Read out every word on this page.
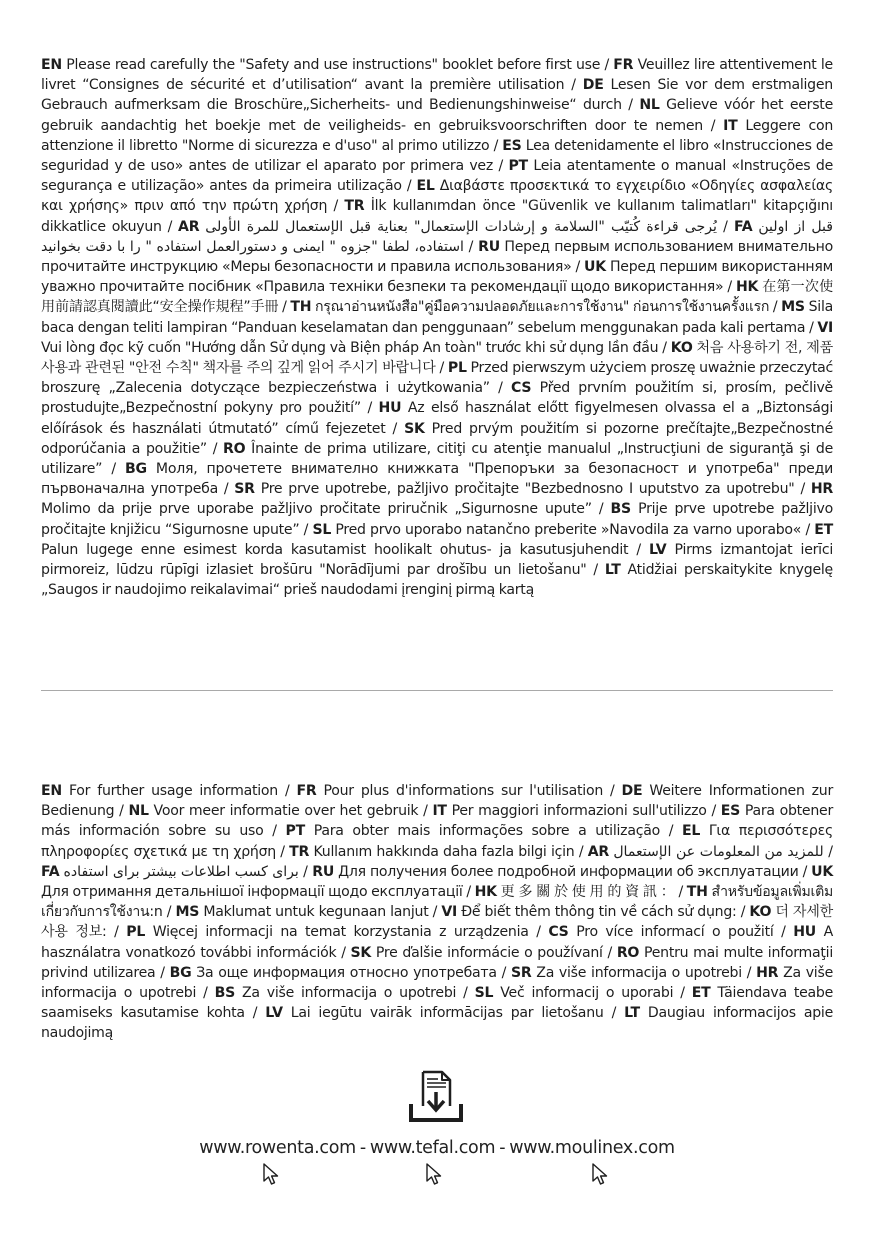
EN Please read carefully the "Safety and use instructions" booklet before first use / FR Veuillez lire attentivement le livret “Consignes de sécurité et d’utilisation“ avant la première utilisation / DE Lesen Sie vor dem erstmaligen Gebrauch aufmerksam die Broschüre„Sicherheits- und Bedienungshinweise“ durch / NL Gelieve vóór het eerste gebruik aandachtig het boekje met de veiligheids- en gebruiksvoorschriften door te nemen / IT Leggere con attenzione il libretto "Norme di sicurezza e d'uso" al primo utilizzo / ES Lea detenidamente el libro «Instrucciones de seguridad y de uso» antes de utilizar el aparato por primera vez / PT Leia atentamente o manual «Instruções de segurança e utilização» antes da primeira utilização / EL Διαβάστε προσεκτικά το εγχειρίδιο «Οδηγίες ασφαλείας και χρήσης» πριν από την πρώτη χρήση / TR İlk kullanımdan önce "Güvenlik ve kullanım talimatları" kitapçığını dikkatlice okuyun / AR يُرجى قراءة كُتيّب "السلامة و إرشادات الإستعمال" بعناية قبل الإستعمال للمرة الأولى / FA قبل از اولین استفاده، لطفا "جزوه " ایمنی و دستورالعمل استفاده " را با دقت بخوانید / RU Перед первым использованием внимательно прочитайте инструкцию «Меры безопасности и правила использования» / UK Перед першим використанням уважно прочитайте посібник «Правила техніки безпеки та рекомендації щодо використання» / HK 在第一次使用前請認真閱讀此“安全操作規程”手冊 / TH กรุณาอ่านหนังสือ"คู่มือความปลอดภัยและการใช้งาน" ก่อนการใช้งานครั้งแรก / MS Sila baca dengan teliti lampiran “Panduan keselamatan dan penggunaan” sebelum menggunakan pada kali pertama / VI Vui lòng đọc kỹ cuốn "Hướng dẫn Sử dụng và Biện pháp An toàn" trước khi sử dụng lần đầu / KO 처음 사용하기 전, 제품 사용과 관련된 "안전 수칙" 책자를 주의 깊게 읽어 주시기 바랍니다 / PL Przed pierwszym użyciem proszę uważnie przeczytać broszurę „Zalecenia dotyczące bezpieczeństwa i użytkowania” / CS Před prvním použitím si, prosím, pečlivě prostudujte„Bezpečnostní pokyny pro použití” / HU Az első használat előtt figyelmesen olvassa el a „Biztonsági előírások és használati útmutató” című fejezetet / SK Pred prvým použitím si pozorne prečítajte„Bezpečnostné odporúčania a použitie” / RO Înainte de prima utilizare, citiţi cu atenţie manualul „Instrucţiuni de siguranţă şi de utilizare” / BG Моля, прочетете внимателно книжката "Препоръки за безопасност и употреба" преди първоначална употреба / SR Pre prve upotrebe, pažljivo pročitajte "Bezbednosno I uputstvo za upotrebu" / HR Molimo da prije prve uporabe pažljivo pročitate priručnik „Sigurnosne upute” / BS Prije prve upotrebe pažljivo pročitajte knjižicu “Sigurnosne upute” / SL Pred prvo uporabo natančno preberite »Navodila za varno uporabo« / ET Palun lugege enne esimest korda kasutamist hoolikalt ohutus- ja kasutusjuhendit / LV Pirms izmantojat ierīci pirmoreiz, lūdzu rūpīgi izlasiet brošūru "Norādījumi par drošību un lietošanu" / LT Atidžiai perskaitykite knygelę „Saugos ir naudojimo reikalavimai“ prieš naudodami įrenginį pirmą kartą
EN For further usage information / FR Pour plus d'informations sur l'utilisation / DE Weitere Informationen zur Bedienung / NL Voor meer informatie over het gebruik / IT Per maggiori informazioni sull'utilizzo / ES Para obtener más información sobre su uso / PT Para obter mais informações sobre a utilização / EL Για περισσότερες πληροφορίες σχετικά με τη χρήση / TR Kullanım hakkında daha fazla bilgi için / AR للمزيد من المعلومات عن الإستعمال / FA برای کسب اطلاعات بیشتر برای استفاده / RU Для получения более подробной информации об эксплуатации / UK Для отримання детальнішої інформації щодо експлуатації / HK 更 多 關 於 使 用 的 資 訊 ： / TH สำหรับข้อมูลเพิ่มเติมเกี่ยวกับการใช้งาน:n / MS Maklumat untuk kegunaan lanjut / VI Để biết thêm thông tin về cách sử dụng: / KO 더 자세한 사용 정보: / PL Więcej informacji na temat korzystania z urządzenia / CS Pro více informací o použití / HU A használatra vonatkozó további információk / SK Pre ďalšie informácie o používaní / RO Pentru mai multe informaţii privind utilizarea / BG За още информация относно употребата / SR Za više informacija o upotrebi / HR Za više informacija o upotrebi / BS Za više informacija o upotrebi / SL Več informacij o uporabi / ET Täiendava teabe saamiseks kasutamise kohta / LV Lai iegūtu vairāk informācijas par lietošanu / LT Daugiau informacijos apie naudojimą
www.rowenta.com - www.tefal.com - www.moulinex.com
